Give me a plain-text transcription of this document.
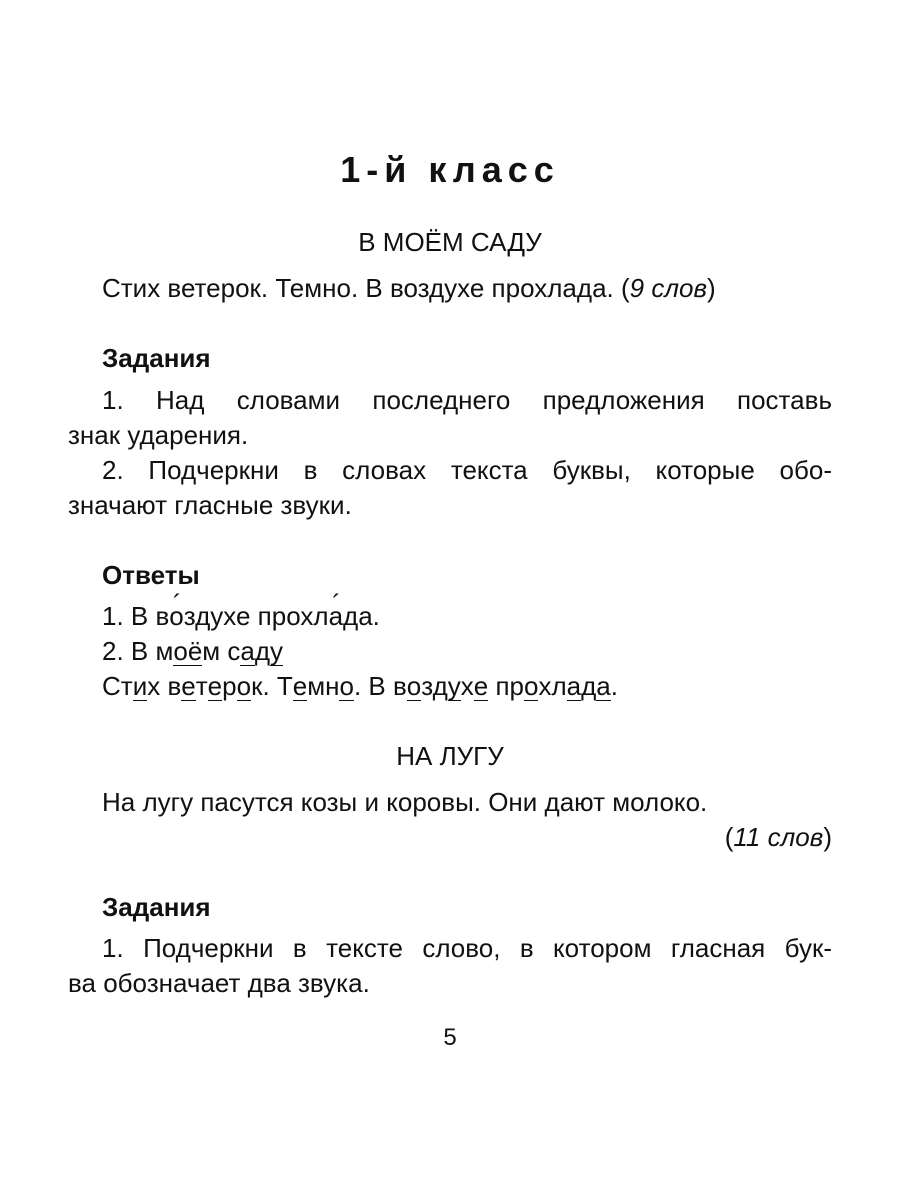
1-й класс
В МОЁМ САДУ
Стих ветерок. Темно. В воздухе прохлада. (9 слов)
Задания
1. Над словами последнего предложения поставь
знак ударения.
2. Подчеркни в словах текста буквы, которые обо-
значают гласные звуки.
Ответы
1. В в´ оздухе прохл´ ада.
2. В моём саду
Стих ветерок. Темно. В воздухе прохлада.
НА ЛУГУ
На лугу пасутся козы и коровы. Они дают молоко.
(11 слов)
Задания
1. Подчеркни в тексте слово, в котором гласная бук-
ва обозначает два звука.
5
